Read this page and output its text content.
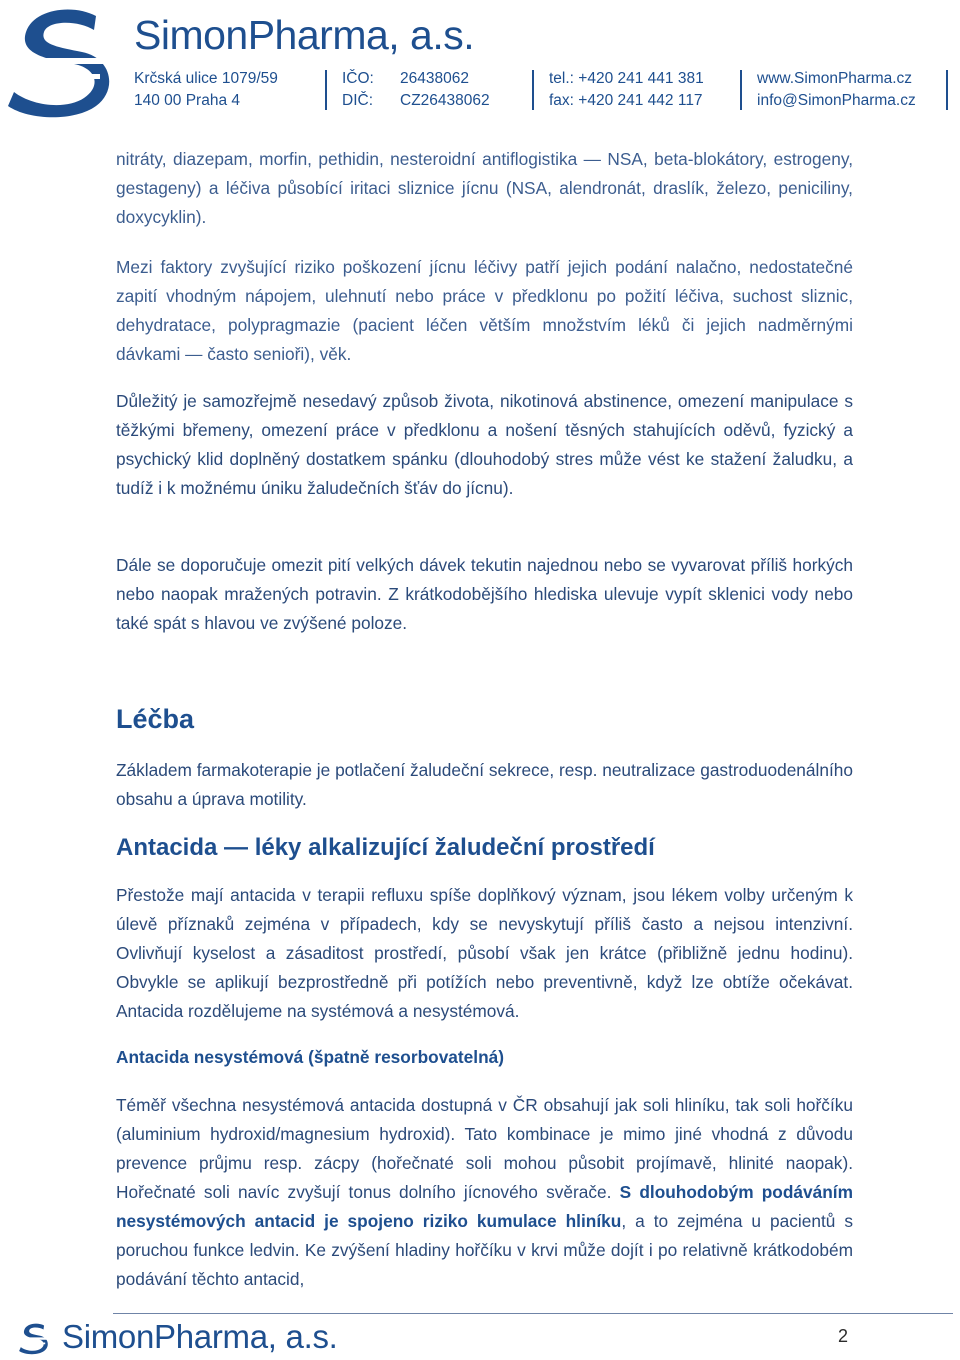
SimonPharma, a.s.
Krčská ulice 1079/59
140 00 Praha 4
IČO: 26438062
DIČ: CZ26438062
tel.: +420 241 441 381
fax: +420 241 442 117
www.SimonPharma.cz
info@SimonPharma.cz

nitráty, diazepam, morfin, pethidin, nesteroidní antiflogistika — NSA, beta-blokátory, estrogeny, gestageny) a léčiva působící iritaci sliznice jícnu (NSA, alendronát, draslík, železo, peniciliny, doxycyklin).

Mezi faktory zvyšující riziko poškození jícnu léčivy patří jejich podání nalačno, nedostatečné zapití vhodným nápojem, ulehnutí nebo práce v předklonu po požití léčiva, suchost sliznic, dehydratace, polypragmazie (pacient léčen větším množstvím léků či jejich nadměrnými dávkami — často senioři), věk.

Důležitý je samozřejmě nesedavý způsob života, nikotinová abstinence, omezení manipulace s těžkými břemeny, omezení práce v předklonu a nošení těsných stahujících oděvů, fyzický a psychický klid doplněný dostatkem spánku (dlouhodobý stres může vést ke stažení žaludku, a tudíž i k možnému úniku žaludečních šťáv do jícnu).

Dále se doporučuje omezit pití velkých dávek tekutin najednou nebo se vyvarovat příliš horkých nebo naopak mražených potravin. Z krátkodobějšího hlediska ulevuje vypít sklenici vody nebo také spát s hlavou ve zvýšené poloze.

Základem farmakoterapie je potlačení žaludeční sekrece, resp. neutralizace gastroduodenálního obsahu a úprava motility.

Přestože mají antacida v terapii refluxu spíše doplňkový význam, jsou lékem volby určeným k úlevě příznaků zejména v případech, kdy se nevyskytují příliš často a nejsou intenzivní. Ovlivňují kyselost a zásaditost prostředí, působí však jen krátce (přibližně jednu hodinu). Obvykle se aplikují bezprostředně při potížích nebo preventivně, když lze obtíže očekávat. Antacida rozdělujeme na systémová a nesystémová.

Téměř všechna nesystémová antacida dostupná v ČR obsahují jak soli hliníku, tak soli hořčíku (aluminium hydroxid/magnesium hydroxid). Tato kombinace je mimo jiné vhodná z důvodu prevence průjmu resp. zácpy (hořečnaté soli mohou působit projímavě, hlinité naopak). Hořečnaté soli navíc zvyšují tonus dolního jícnového svěrače. S dlouhodobým podáváním nesystémových antacid je spojeno riziko kumulace hliníku, a to zejména u pacientů s poruchou funkce ledvin. Ke zvýšení hladiny hořčíku v krvi může dojít i po relativně krátkodobém podávání těchto antacid,

Léčba
Antacida — léky alkalizující žaludeční prostředí
Antacida nesystémová (špatně resorbovatelná)
SimonPharma, a.s.	2
